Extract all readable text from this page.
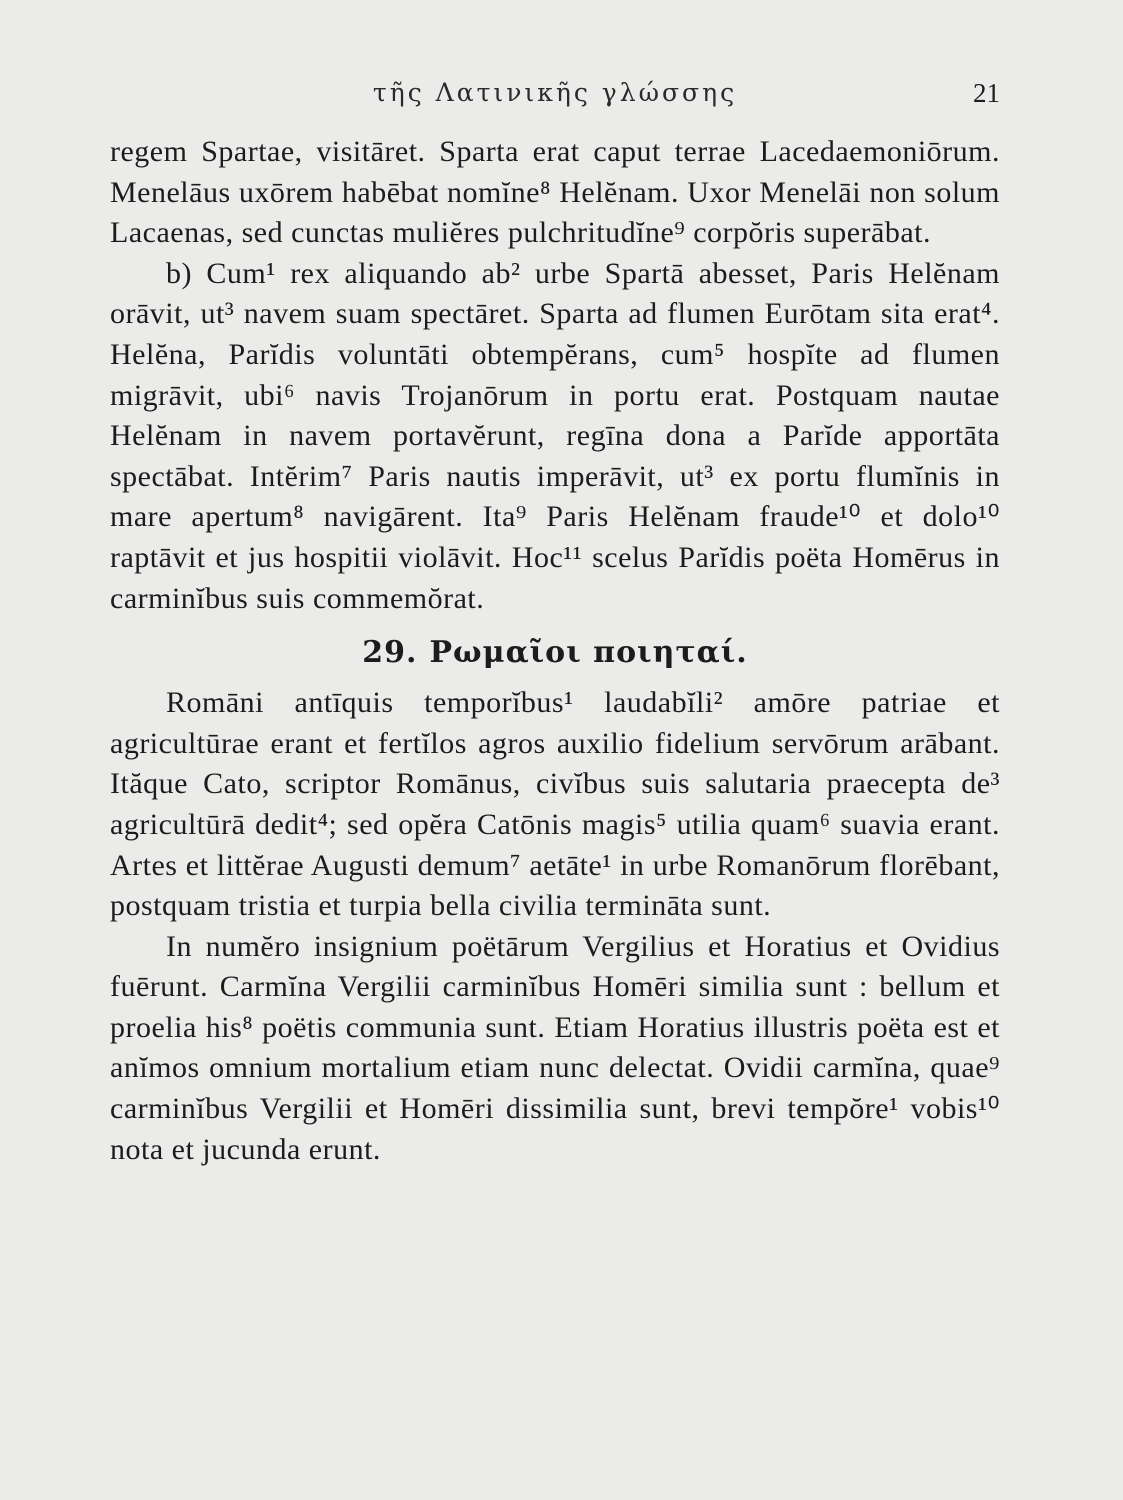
τῆς Λατινικῆς γλώσσης	21

regem Spartae, visitāret. Sparta erat caput terrae Lacedaemoniōrum. Menelāus uxōrem habēbat nomĭne⁸ Helĕnam. Uxor Menelāi non solum Lacaenas, sed cunctas muliĕres pulchritudĭne⁹ corpŏris superābat.

b) Cum¹ rex aliquando ab² urbe Spartā abesset, Paris Helĕnam orāvit, ut³ navem suam spectāret. Sparta ad flumen Eurōtam sita erat⁴. Helĕna, Parĭdis voluntāti obtempĕrans, cum⁵ hospĭte ad flumen migrāvit, ubi⁶ navis Trojanōrum in portu erat. Postquam nautae Helĕnam in navem portavĕrunt, regīna dona a Parĭde apportāta spectābat. Intĕrim⁷ Paris nautis imperāvit, ut³ ex portu flumĭnis in mare apertum⁸ navigārent. Ita⁹ Paris Helĕnam fraude¹⁰ et dolo¹⁰ raptāvit et jus hospitii violāvit. Hoc¹¹ scelus Parĭdis poëta Homērus in carminĭbus suis commemŏrat.

29. Ρωμαῖοι ποιηταί.

Romāni antīquis temporĭbus¹ laudabĭli² amōre patriae et agricultūrae erant et fertĭlos agros auxilio fidelium servōrum arābant. Ităque Cato, scriptor Romānus, civĭbus suis salutaria praecepta de³ agricultūrā dedit⁴; sed opĕra Catōnis magis⁵ utilia quam⁶ suavia erant. Artes et littĕrae Augusti demum⁷ aetāte¹ in urbe Romanōrum florēbant, postquam tristia et turpia bella civilia termināta sunt.

In numĕro insignium poëtārum Vergilius et Horatius et Ovidius fuērunt. Carmĭna Vergilii carminĭbus Homēri similia sunt : bellum et proelia his⁸ poëtis communia sunt. Etiam Horatius illustris poëta est et anĭmos omnium mortalium etiam nunc delectat. Ovidii carmĭna, quae⁹ carminĭbus Vergilii et Homēri dissimilia sunt, brevi tempŏre¹ vobis¹⁰ nota et jucunda erunt.
